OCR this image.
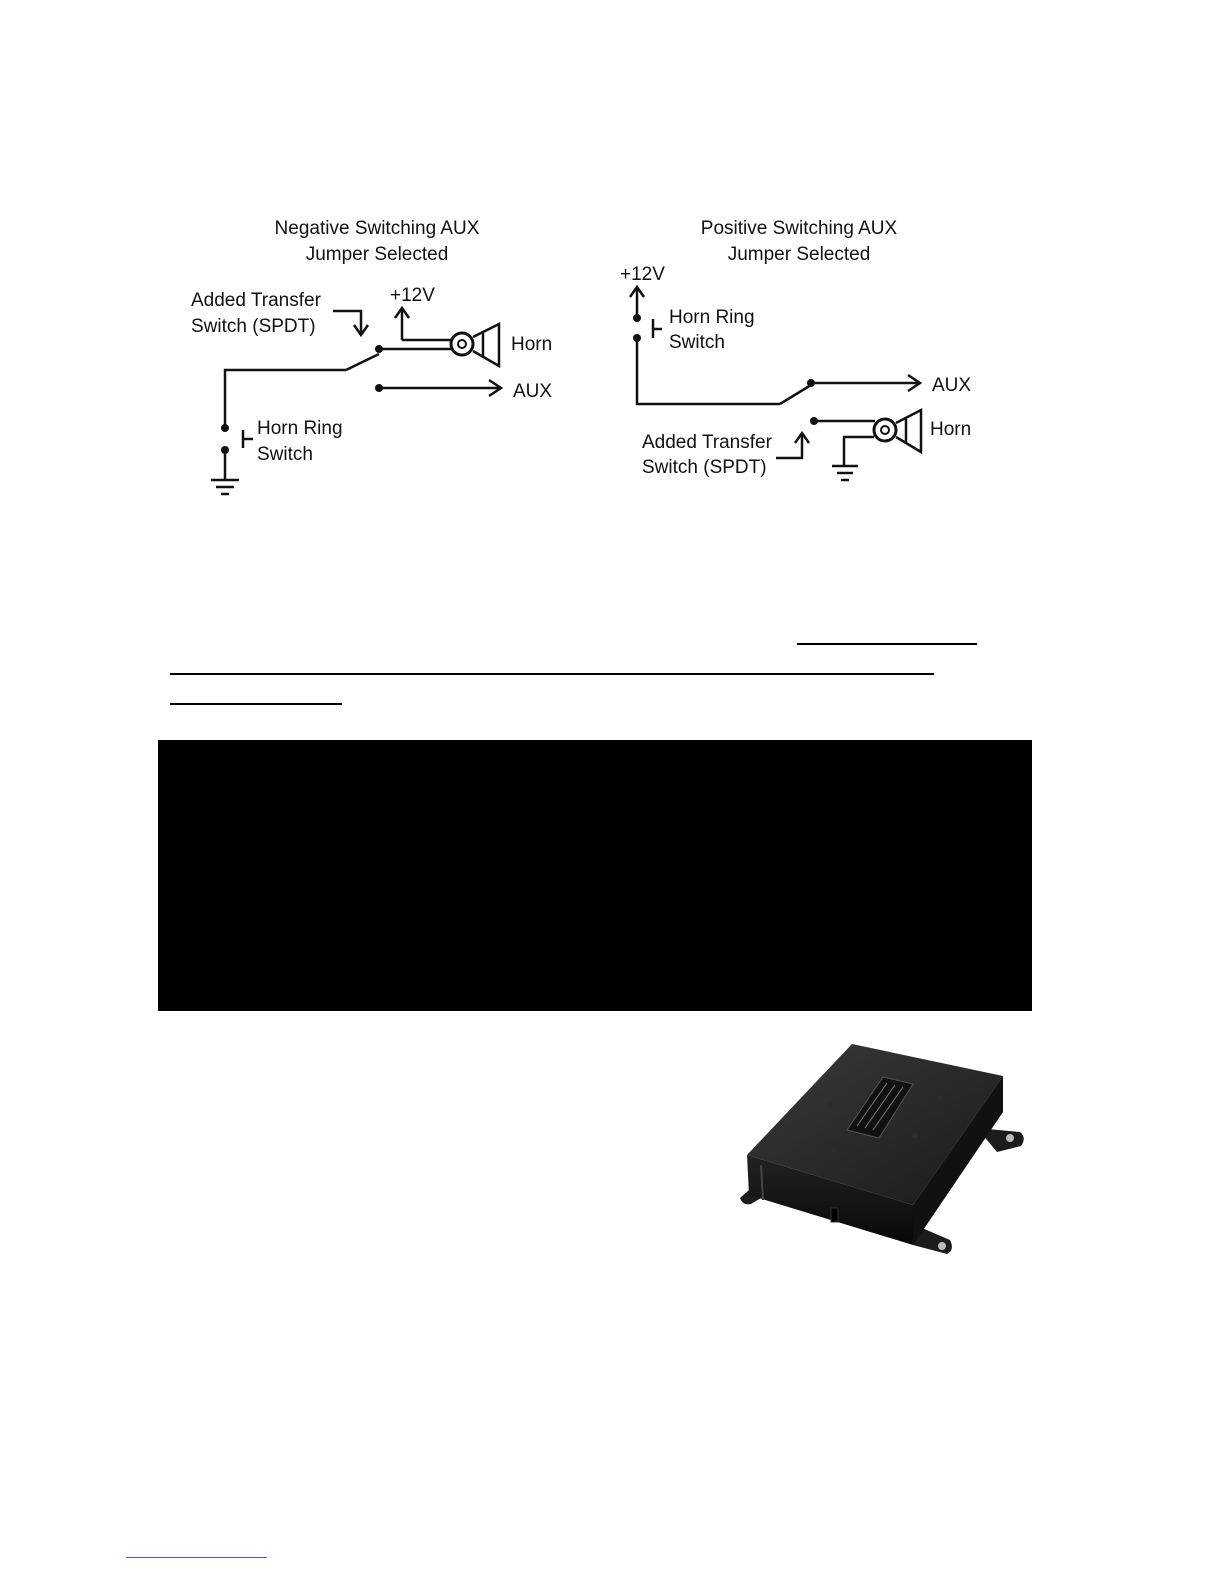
Negative Switching AUX
Jumper Selected
Added Transfer
Switch (SPDT)
+12V
Horn
AUX
Horn Ring
Switch
Positive Switching AUX
Jumper Selected
+12V
Horn Ring
Switch
AUX
Horn
Added Transfer
Switch (SPDT)
